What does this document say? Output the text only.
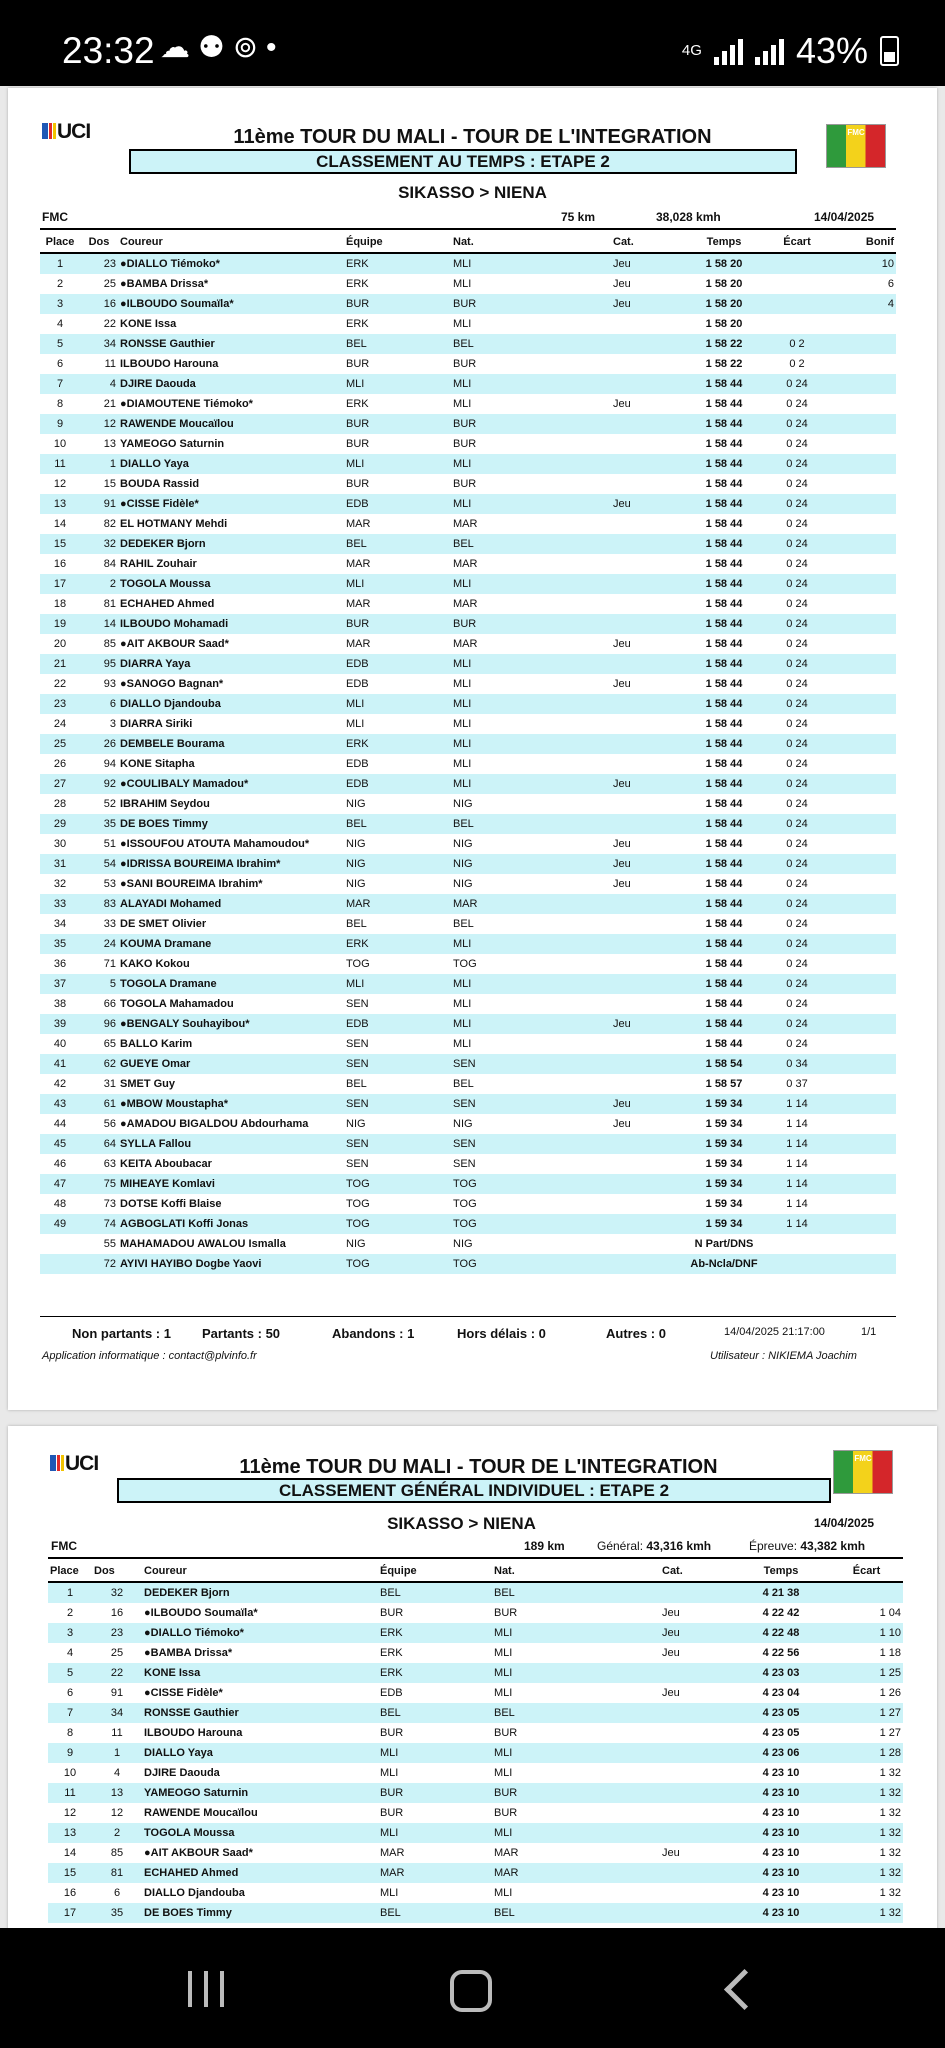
23:32 ☁⚉⊚•	4G	43%
UCI	FMC
11ème TOUR DU MALI - TOUR DE L'INTEGRATION
CLASSEMENT AU TEMPS : ETAPE 2
SIKASSO > NIENA
FMC	75 km	38,028 kmh	14/04/2025
Place	Dos	Coureur	Équipe	Nat.	Cat.	Temps	Écart	Bonif
1	23	●DIALLO Tiémoko*	ERK	MLI	Jeu	1 58 20		10
2	25	●BAMBA Drissa*	ERK	MLI	Jeu	1 58 20		6
3	16	●ILBOUDO Soumaïla*	BUR	BUR	Jeu	1 58 20		4
4	22	KONE Issa	ERK	MLI		1 58 20		
5	34	RONSSE Gauthier	BEL	BEL		1 58 22	0 2	
6	11	ILBOUDO Harouna	BUR	BUR		1 58 22	0 2	
7	4	DJIRE Daouda	MLI	MLI		1 58 44	0 24	
8	21	●DIAMOUTENE Tiémoko*	ERK	MLI	Jeu	1 58 44	0 24	
9	12	RAWENDE Moucaïlou	BUR	BUR		1 58 44	0 24	
10	13	YAMEOGO Saturnin	BUR	BUR		1 58 44	0 24	
11	1	DIALLO Yaya	MLI	MLI		1 58 44	0 24	
12	15	BOUDA Rassid	BUR	BUR		1 58 44	0 24	
13	91	●CISSE Fidèle*	EDB	MLI	Jeu	1 58 44	0 24	
14	82	EL HOTMANY Mehdi	MAR	MAR		1 58 44	0 24	
15	32	DEDEKER Bjorn	BEL	BEL		1 58 44	0 24	
16	84	RAHIL Zouhair	MAR	MAR		1 58 44	0 24	
17	2	TOGOLA Moussa	MLI	MLI		1 58 44	0 24	
18	81	ECHAHED Ahmed	MAR	MAR		1 58 44	0 24	
19	14	ILBOUDO Mohamadi	BUR	BUR		1 58 44	0 24	
20	85	●AIT AKBOUR Saad*	MAR	MAR	Jeu	1 58 44	0 24	
21	95	DIARRA Yaya	EDB	MLI		1 58 44	0 24	
22	93	●SANOGO Bagnan*	EDB	MLI	Jeu	1 58 44	0 24	
23	6	DIALLO Djandouba	MLI	MLI		1 58 44	0 24	
24	3	DIARRA Siriki	MLI	MLI		1 58 44	0 24	
25	26	DEMBELE Bourama	ERK	MLI		1 58 44	0 24	
26	94	KONE Sitapha	EDB	MLI		1 58 44	0 24	
27	92	●COULIBALY Mamadou*	EDB	MLI	Jeu	1 58 44	0 24	
28	52	IBRAHIM Seydou	NIG	NIG		1 58 44	0 24	
29	35	DE BOES Timmy	BEL	BEL		1 58 44	0 24	
30	51	●ISSOUFOU ATOUTA Mahamoudou*	NIG	NIG	Jeu	1 58 44	0 24	
31	54	●IDRISSA BOUREIMA Ibrahim*	NIG	NIG	Jeu	1 58 44	0 24	
32	53	●SANI BOUREIMA Ibrahim*	NIG	NIG	Jeu	1 58 44	0 24	
33	83	ALAYADI Mohamed	MAR	MAR		1 58 44	0 24	
34	33	DE SMET Olivier	BEL	BEL		1 58 44	0 24	
35	24	KOUMA Dramane	ERK	MLI		1 58 44	0 24	
36	71	KAKO Kokou	TOG	TOG		1 58 44	0 24	
37	5	TOGOLA Dramane	MLI	MLI		1 58 44	0 24	
38	66	TOGOLA Mahamadou	SEN	MLI		1 58 44	0 24	
39	96	●BENGALY Souhayibou*	EDB	MLI	Jeu	1 58 44	0 24	
40	65	BALLO Karim	SEN	MLI		1 58 44	0 24	
41	62	GUEYE Omar	SEN	SEN		1 58 54	0 34	
42	31	SMET Guy	BEL	BEL		1 58 57	0 37	
43	61	●MBOW Moustapha*	SEN	SEN	Jeu	1 59 34	1 14	
44	56	●AMADOU BIGALDOU Abdourhama	NIG	NIG	Jeu	1 59 34	1 14	
45	64	SYLLA Fallou	SEN	SEN		1 59 34	1 14	
46	63	KEITA Aboubacar	SEN	SEN		1 59 34	1 14	
47	75	MIHEAYE Komlavi	TOG	TOG		1 59 34	1 14	
48	73	DOTSE Koffi Blaise	TOG	TOG		1 59 34	1 14	
49	74	AGBOGLATI Koffi Jonas	TOG	TOG		1 59 34	1 14	
	55	MAHAMADOU AWALOU Ismalla	NIG	NIG		N Part/DNS		
	72	AYIVI HAYIBO Dogbe Yaovi	TOG	TOG		Ab-Ncla/DNF		
Non partants : 1 Partants : 50	Abandons : 1	Hors délais : 0	Autres : 0	14/04/2025 21:17:00	1/1
Application informatique : contact@plvinfo.fr	Utilisateur : NIKIEMA Joachim
UCI	FMC
11ème TOUR DU MALI - TOUR DE L'INTEGRATION
CLASSEMENT GÉNÉRAL INDIVIDUEL : ETAPE 2
SIKASSO > NIENA	14/04/2025
FMC	189 km	Général: 43,316 kmh	Épreuve: 43,382 kmh
Place	Dos	Coureur	Équipe	Nat.	Cat.	Temps	Écart
1	32	DEDEKER Bjorn	BEL	BEL		4 21 38	
2	16	●ILBOUDO Soumaïla*	BUR	BUR	Jeu	4 22 42	1 04
3	23	●DIALLO Tiémoko*	ERK	MLI	Jeu	4 22 48	1 10
4	25	●BAMBA Drissa*	ERK	MLI	Jeu	4 22 56	1 18
5	22	KONE Issa	ERK	MLI		4 23 03	1 25
6	91	●CISSE Fidèle*	EDB	MLI	Jeu	4 23 04	1 26
7	34	RONSSE Gauthier	BEL	BEL		4 23 05	1 27
8	11	ILBOUDO Harouna	BUR	BUR		4 23 05	1 27
9	1	DIALLO Yaya	MLI	MLI		4 23 06	1 28
10	4	DJIRE Daouda	MLI	MLI		4 23 10	1 32
11	13	YAMEOGO Saturnin	BUR	BUR		4 23 10	1 32
12	12	RAWENDE Moucaïlou	BUR	BUR		4 23 10	1 32
13	2	TOGOLA Moussa	MLI	MLI		4 23 10	1 32
14	85	●AIT AKBOUR Saad*	MAR	MAR	Jeu	4 23 10	1 32
15	81	ECHAHED Ahmed	MAR	MAR		4 23 10	1 32
16	6	DIALLO Djandouba	MLI	MLI		4 23 10	1 32
17	35	DE BOES Timmy	BEL	BEL		4 23 10	1 32
